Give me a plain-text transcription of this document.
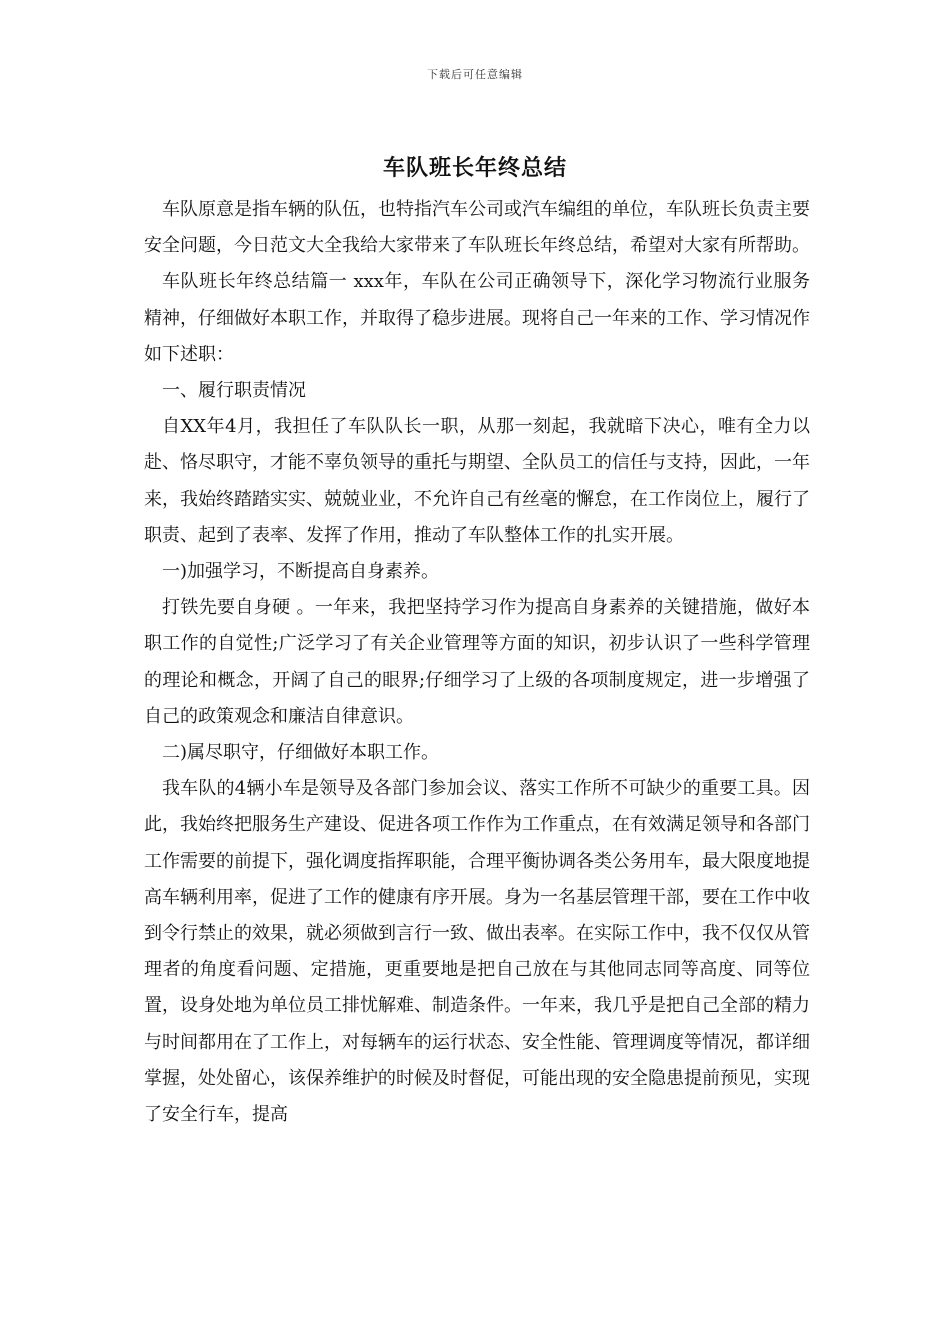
下载后可任意编辑
车队班长年终总结

车队原意是指车辆的队伍，也特指汽车公司或汽车编组的单位，车队班长负责主要安全问题，今日范文大全我给大家带来了车队班长年终总结，希望对大家有所帮助。

车队班长年终总结篇一 xxx年，车队在公司正确领导下，深化学习物流行业服务精神，仔细做好本职工作，并取得了稳步进展。现将自己一年来的工作、学习情况作如下述职：

一、履行职责情况

自XX年4月，我担任了车队队长一职，从那一刻起，我就暗下决心，唯有全力以赴、恪尽职守，才能不辜负领导的重托与期望、全队员工的信任与支持，因此，一年来，我始终踏踏实实、兢兢业业，不允许自己有丝毫的懈怠，在工作岗位上，履行了职责、起到了表率、发挥了作用，推动了车队整体工作的扎实开展。

一)加强学习，不断提高自身素养。

打铁先要自身硬 。一年来，我把坚持学习作为提高自身素养的关键措施，做好本职工作的自觉性;广泛学习了有关企业管理等方面的知识，初步认识了一些科学管理的理论和概念，开阔了自己的眼界;仔细学习了上级的各项制度规定，进一步增强了自己的政策观念和廉洁自律意识。

二)属尽职守，仔细做好本职工作。

我车队的4辆小车是领导及各部门参加会议、落实工作所不可缺少的重要工具。因此，我始终把服务生产建设、促进各项工作作为工作重点，在有效满足领导和各部门工作需要的前提下，强化调度指挥职能，合理平衡协调各类公务用车，最大限度地提高车辆利用率，促进了工作的健康有序开展。身为一名基层管理干部，要在工作中收到令行禁止的效果，就必须做到言行一致、做出表率。在实际工作中，我不仅仅从管理者的角度看问题、定措施，更重要地是把自己放在与其他同志同等高度、同等位置，设身处地为单位员工排忧解难、制造条件。一年来，我几乎是把自己全部的精力与时间都用在了工作上，对每辆车的运行状态、安全性能、管理调度等情况，都详细掌握，处处留心，该保养维护的时候及时督促，可能出现的安全隐患提前预见，实现了安全行车，提高
